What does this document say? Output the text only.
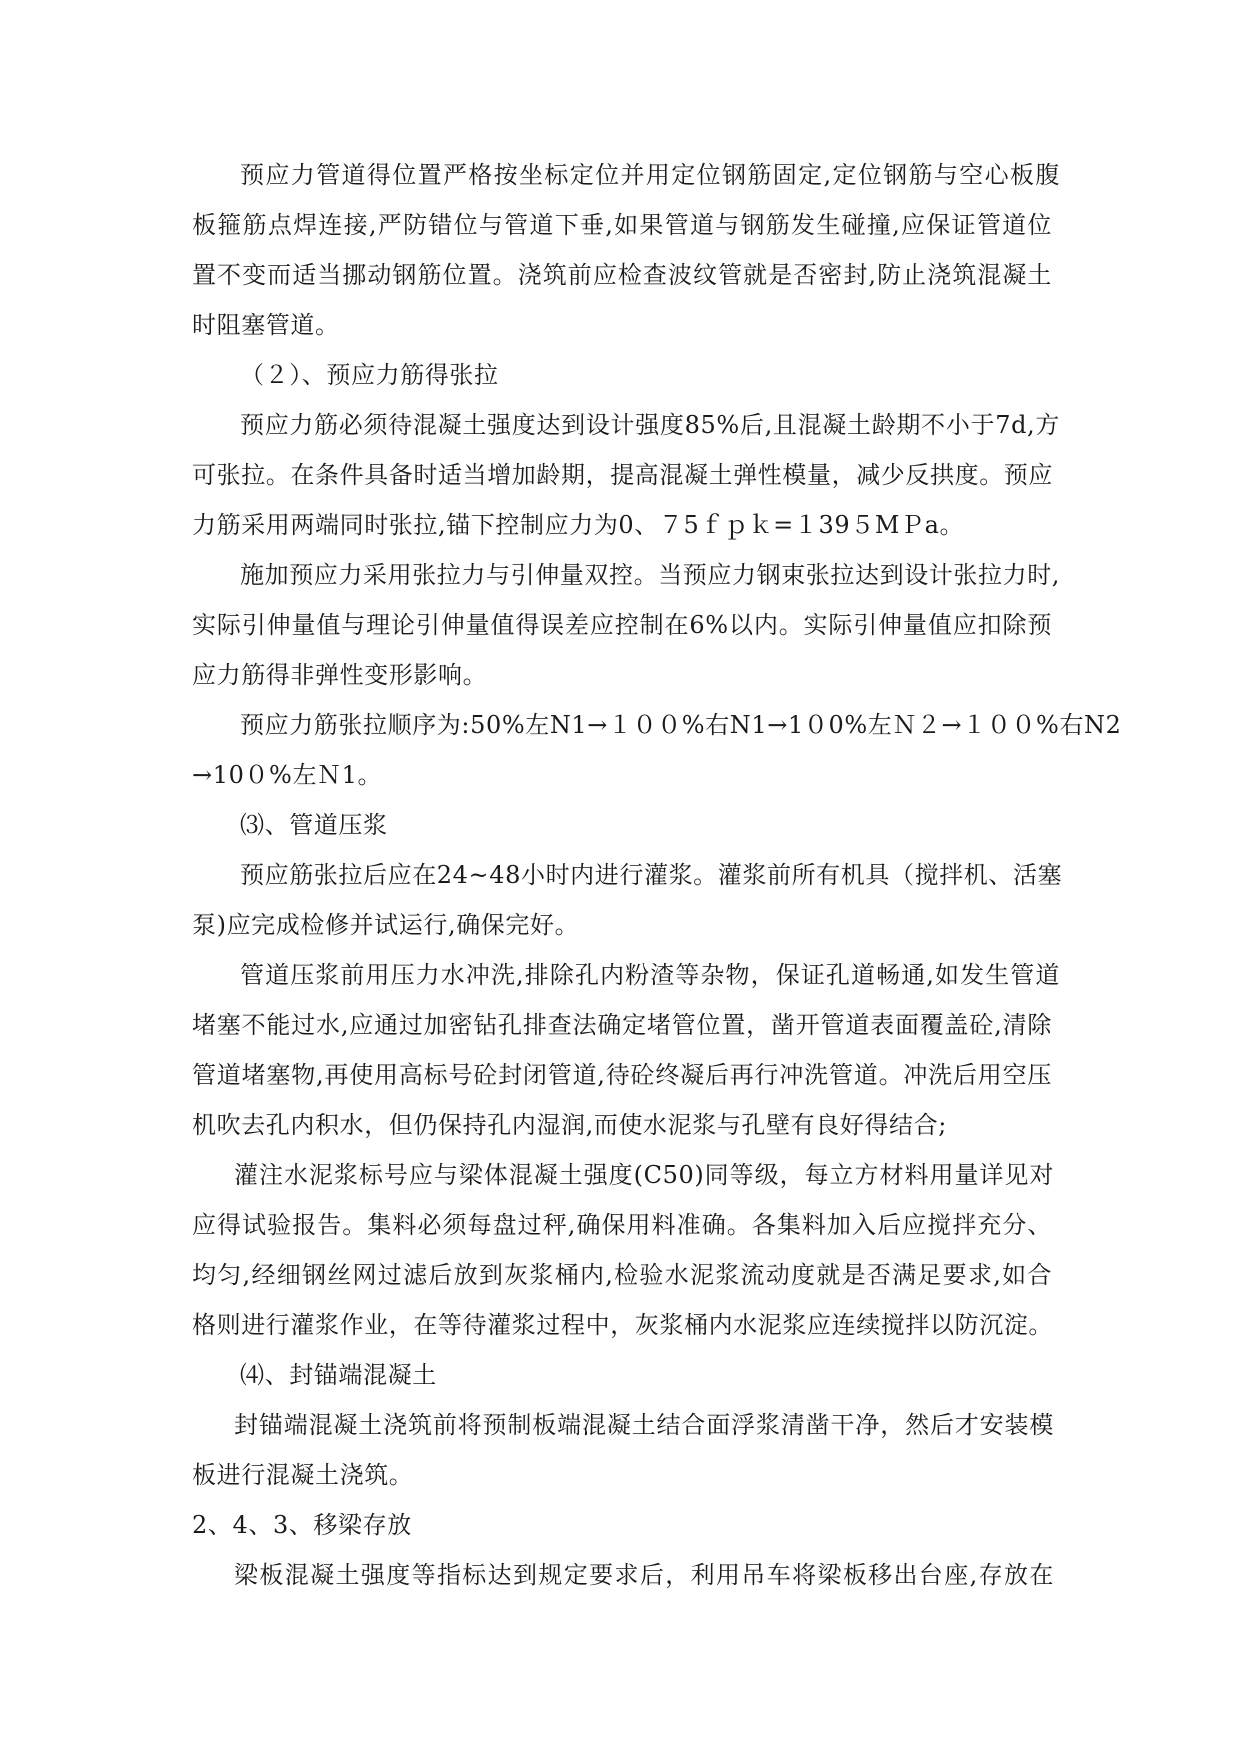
预应力管道得位置严格按坐标定位并用定位钢筋固定,定位钢筋与空心板腹
板箍筋点焊连接,严防错位与管道下垂,如果管道与钢筋发生碰撞,应保证管道位
置不变而适当挪动钢筋位置。浇筑前应检查波纹管就是否密封,防止浇筑混凝土
时阻塞管道。
（２）、预应力筋得张拉
预应力筋必须待混凝土强度达到设计强度85%后,且混凝土龄期不小于7d,方
可张拉。在条件具备时适当增加龄期，提高混凝土弹性模量，减少反拱度。预应
力筋采用两端同时张拉,锚下控制应力为0、７5ｆｐｋ=１39５MＰa。
施加预应力采用张拉力与引伸量双控。当预应力钢束张拉达到设计张拉力时,
实际引伸量值与理论引伸量值得误差应控制在6%以内。实际引伸量值应扣除预
应力筋得非弹性变形影响。
预应力筋张拉顺序为:50%左N1→１００%右N1→1０0%左Ｎ２→１００%右N2
→10０%左Ｎ1。
⑶、管道压浆
预应筋张拉后应在24~48小时内进行灌浆。灌浆前所有机具（搅拌机、活塞
泵)应完成检修并试运行,确保完好。
管道压浆前用压力水冲洗,排除孔内粉渣等杂物，保证孔道畅通,如发生管道
堵塞不能过水,应通过加密钻孔排查法确定堵管位置，凿开管道表面覆盖砼,清除
管道堵塞物,再使用高标号砼封闭管道,待砼终凝后再行冲洗管道。冲洗后用空压
机吹去孔内积水，但仍保持孔内湿润,而使水泥浆与孔壁有良好得结合;
灌注水泥浆标号应与梁体混凝土强度(C50)同等级，每立方材料用量详见对
应得试验报告。集料必须每盘过秤,确保用料准确。各集料加入后应搅拌充分、
均匀,经细钢丝网过滤后放到灰浆桶内,检验水泥浆流动度就是否满足要求,如合
格则进行灌浆作业，在等待灌浆过程中，灰浆桶内水泥浆应连续搅拌以防沉淀。
⑷、封锚端混凝土
封锚端混凝土浇筑前将预制板端混凝土结合面浮浆清凿干净，然后才安装模
板进行混凝土浇筑。
2、4、3、移梁存放
梁板混凝土强度等指标达到规定要求后，利用吊车将梁板移出台座,存放在
